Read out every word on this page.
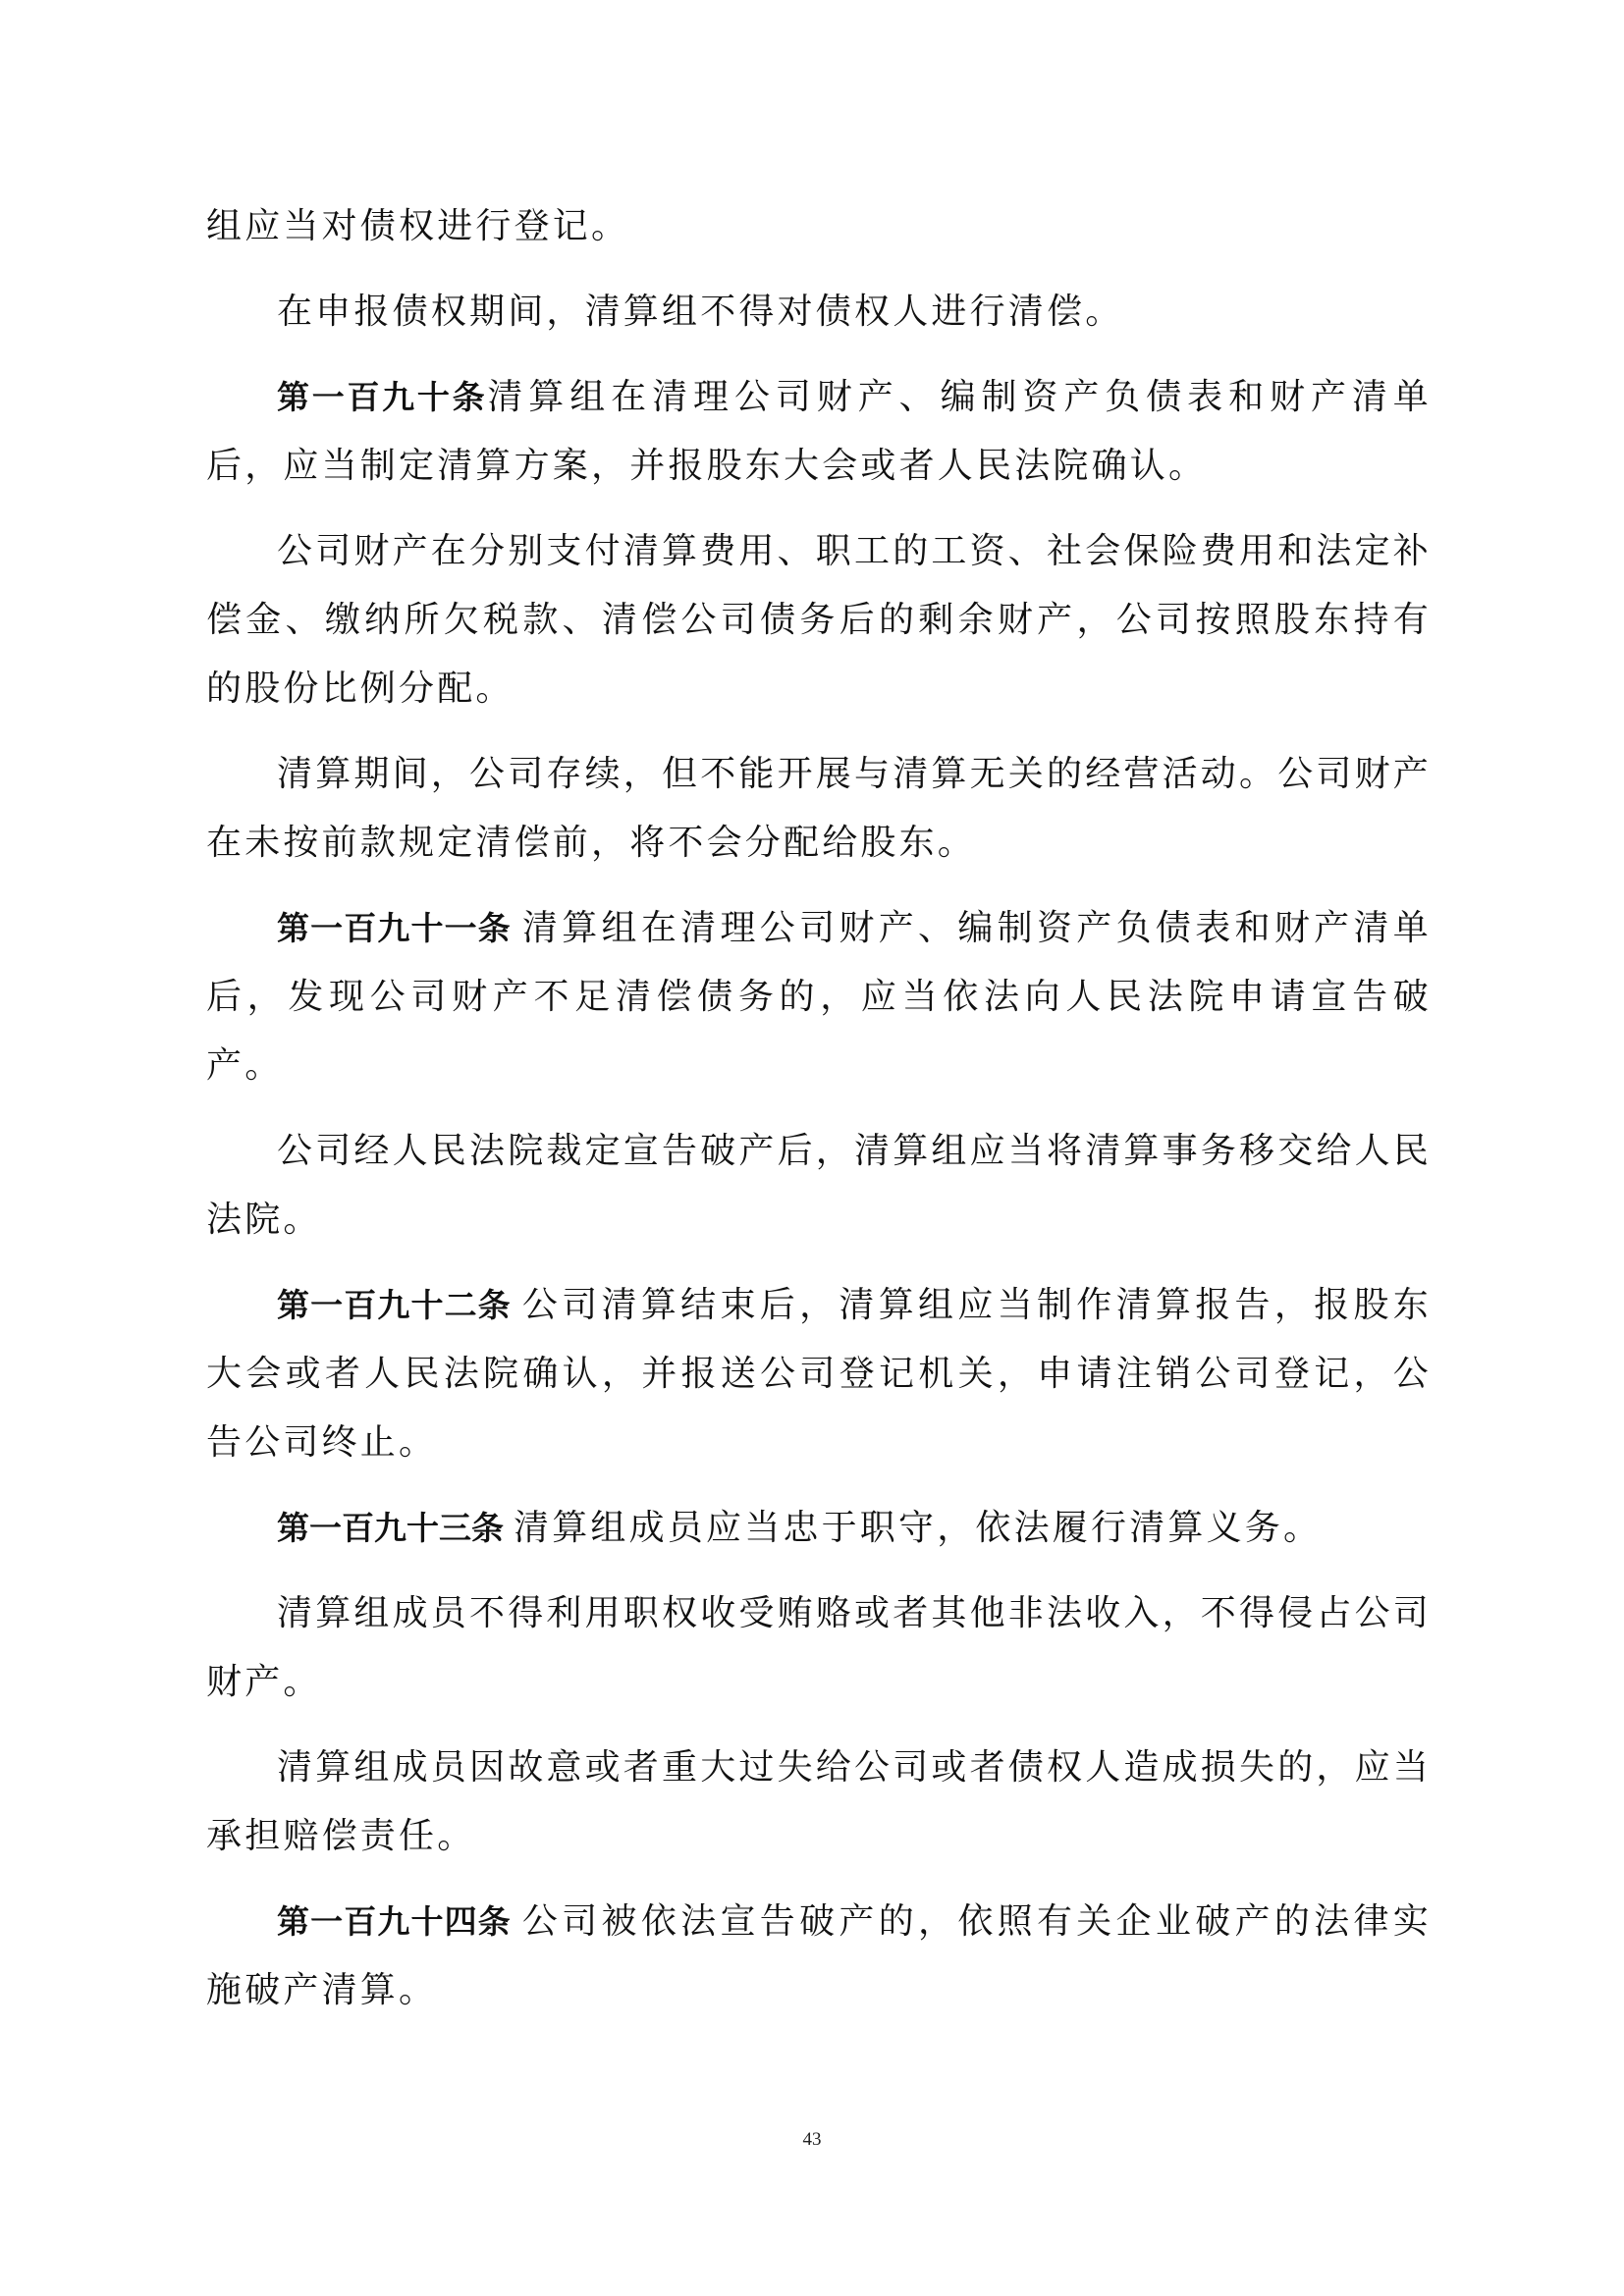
组应当对债权进行登记。

在申报债权期间，清算组不得对债权人进行清偿。

第一百九十条清算组在清理公司财产、编制资产负债表和财产清单后，应当制定清算方案，并报股东大会或者人民法院确认。

公司财产在分别支付清算费用、职工的工资、社会保险费用和法定补偿金、缴纳所欠税款、清偿公司债务后的剩余财产，公司按照股东持有的股份比例分配。

清算期间，公司存续，但不能开展与清算无关的经营活动。公司财产在未按前款规定清偿前，将不会分配给股东。

第一百九十一条 清算组在清理公司财产、编制资产负债表和财产清单后，发现公司财产不足清偿债务的，应当依法向人民法院申请宣告破产。

公司经人民法院裁定宣告破产后，清算组应当将清算事务移交给人民法院。

第一百九十二条 公司清算结束后，清算组应当制作清算报告，报股东大会或者人民法院确认，并报送公司登记机关，申请注销公司登记，公告公司终止。

第一百九十三条 清算组成员应当忠于职守，依法履行清算义务。

清算组成员不得利用职权收受贿赂或者其他非法收入，不得侵占公司财产。

清算组成员因故意或者重大过失给公司或者债权人造成损失的，应当承担赔偿责任。

第一百九十四条 公司被依法宣告破产的，依照有关企业破产的法律实施破产清算。

43
